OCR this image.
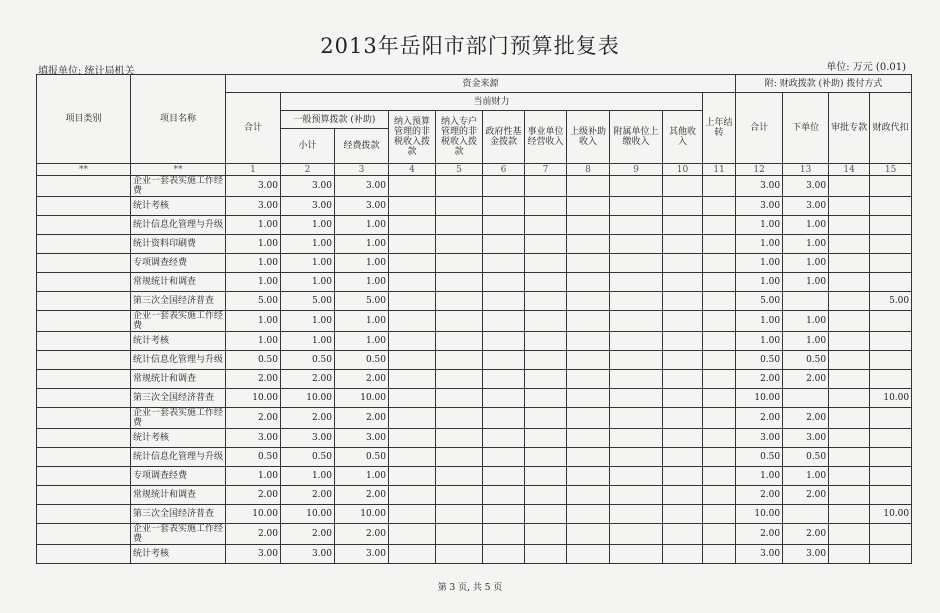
2013年岳阳市部门预算批复表
单位: 万元 (0.01)
填报单位: 统计局机关
项目类别	项目名称	资金来源											附: 财政拨款 (补助) 拨付方式			
		合计	当前财力									上年结转	合计	下单位	审批专款	财政代扣
			一般预算拨款 (补助)		纳入预算管理的非税收入拨款	纳入专户管理的非税收入拨款	政府性基金拨款	事业单位经营收入	上级补助收入	附属单位上缴收入	其他收入					
			小计	经费拨款												
**	**	1	2	3	4	5	6	7	8	9	10	11	12	13	14	15
	企业一套表实施工作经费	3.00	3.00	3.00									3.00	3.00		
	统计考核	3.00	3.00	3.00									3.00	3.00		
	统计信息化管理与升级	1.00	1.00	1.00									1.00	1.00		
	统计资料印刷费	1.00	1.00	1.00									1.00	1.00		
	专项调查经费	1.00	1.00	1.00									1.00	1.00		
	常规统计和调查	1.00	1.00	1.00									1.00	1.00		
	第三次全国经济普查	5.00	5.00	5.00									5.00			5.00
	企业一套表实施工作经费	1.00	1.00	1.00									1.00	1.00		
	统计考核	1.00	1.00	1.00									1.00	1.00		
	统计信息化管理与升级	0.50	0.50	0.50									0.50	0.50		
	常规统计和调查	2.00	2.00	2.00									2.00	2.00		
	第三次全国经济普查	10.00	10.00	10.00									10.00			10.00
	企业一套表实施工作经费	2.00	2.00	2.00									2.00	2.00		
	统计考核	3.00	3.00	3.00									3.00	3.00		
	统计信息化管理与升级	0.50	0.50	0.50									0.50	0.50		
	专项调查经费	1.00	1.00	1.00									1.00	1.00		
	常规统计和调查	2.00	2.00	2.00									2.00	2.00		
	第三次全国经济普查	10.00	10.00	10.00									10.00			10.00
	企业一套表实施工作经费	2.00	2.00	2.00									2.00	2.00		
	统计考核	3.00	3.00	3.00									3.00	3.00		
第 3 页, 共 5 页
